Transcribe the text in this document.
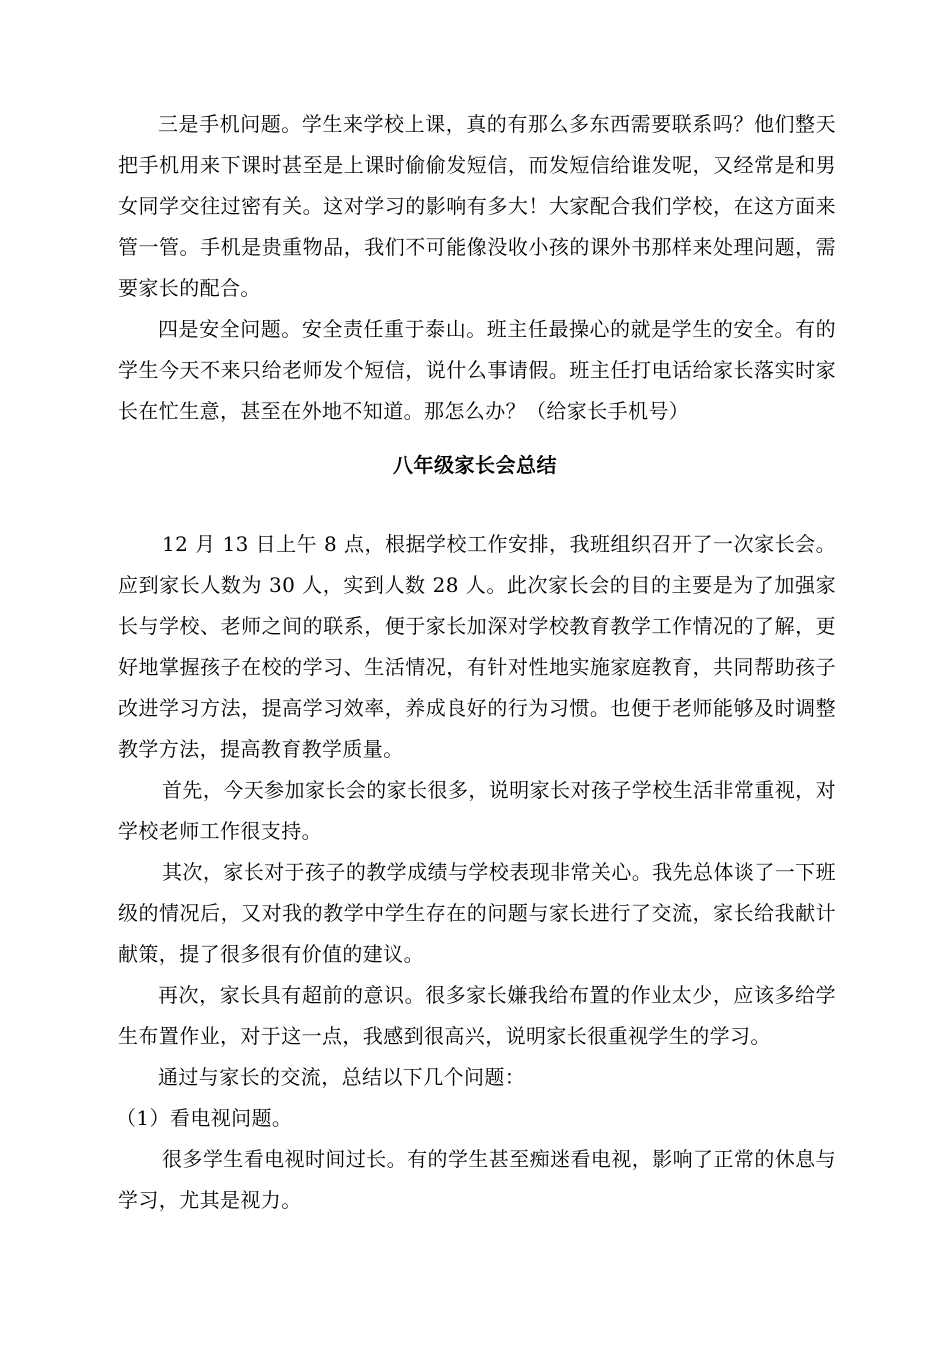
三是手机问题。学生来学校上课，真的有那么多东西需要联系吗？他们整天把手机用来下课时甚至是上课时偷偷发短信，而发短信给谁发呢，又经常是和男女同学交往过密有关。这对学习的影响有多大！大家配合我们学校，在这方面来管一管。手机是贵重物品，我们不可能像没收小孩的课外书那样来处理问题，需要家长的配合。

四是安全问题。安全责任重于泰山。班主任最操心的就是学生的安全。有的学生今天不来只给老师发个短信，说什么事请假。班主任打电话给家长落实时家长在忙生意，甚至在外地不知道。那怎么办？（给家长手机号）

八年级家长会总结

12 月 13 日上午 8 点，根据学校工作安排，我班组织召开了一次家长会。应到家长人数为 30 人，实到人数 28 人。此次家长会的目的主要是为了加强家长与学校、老师之间的联系，便于家长加深对学校教育教学工作情况的了解，更好地掌握孩子在校的学习、生活情况，有针对性地实施家庭教育，共同帮助孩子改进学习方法，提高学习效率，养成良好的行为习惯。也便于老师能够及时调整教学方法，提高教育教学质量。

首先，今天参加家长会的家长很多，说明家长对孩子学校生活非常重视，对学校老师工作很支持。

其次，家长对于孩子的教学成绩与学校表现非常关心。我先总体谈了一下班级的情况后，又对我的教学中学生存在的问题与家长进行了交流，家长给我献计献策，提了很多很有价值的建议。

再次，家长具有超前的意识。很多家长嫌我给布置的作业太少，应该多给学生布置作业，对于这一点，我感到很高兴，说明家长很重视学生的学习。

通过与家长的交流，总结以下几个问题：

（1）看电视问题。

很多学生看电视时间过长。有的学生甚至痴迷看电视，影响了正常的休息与学习，尤其是视力。
